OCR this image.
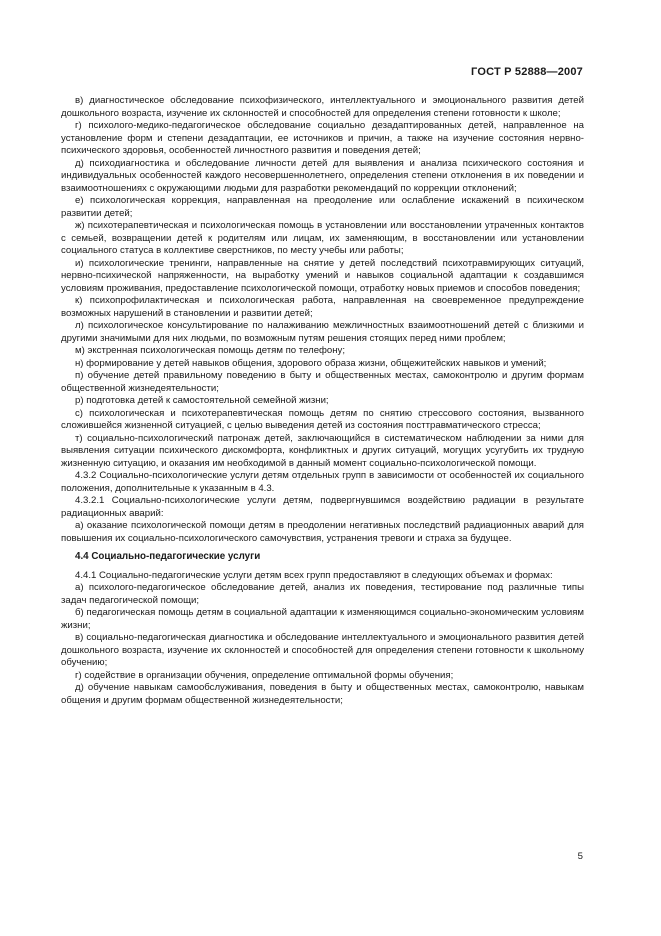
ГОСТ Р 52888—2007

в) диагностическое обследование психофизического, интеллектуального и эмоционального развития детей дошкольного возраста, изучение их склонностей и способностей для определения степени готовности к школе;

г) психолого-медико-педагогическое обследование социально дезадаптированных детей, направленное на установление форм и степени дезадаптации, ее источников и причин, а также на изучение состояния нервно-психического здоровья, особенностей личностного развития и поведения детей;

д) психодиагностика и обследование личности детей для выявления и анализа психического состояния и индивидуальных особенностей каждого несовершеннолетнего, определения степени отклонения в их поведении и взаимоотношениях с окружающими людьми для разработки рекомендаций по коррекции отклонений;

е) психологическая коррекция, направленная на преодоление или ослабление искажений в психическом развитии детей;

ж) психотерапевтическая и психологическая помощь в установлении или восстановлении утраченных контактов с семьей, возвращении детей к родителям или лицам, их заменяющим, в восстановлении или установлении социального статуса в коллективе сверстников, по месту учебы или работы;

и) психологические тренинги, направленные на снятие у детей последствий психотравмирующих ситуаций, нервно-психической напряженности, на выработку умений и навыков социальной адаптации к создавшимся условиям проживания, предоставление психологической помощи, отработку новых приемов и способов поведения;

к) психопрофилактическая и психологическая работа, направленная на своевременное предупреждение возможных нарушений в становлении и развитии детей;

л) психологическое консультирование по налаживанию межличностных взаимоотношений детей с близкими и другими значимыми для них людьми, по возможным путям решения стоящих перед ними проблем;

м) экстренная психологическая помощь детям по телефону;

н) формирование у детей навыков общения, здорового образа жизни, общежитейских навыков и умений;

п) обучение детей правильному поведению в быту и общественных местах, самоконтролю и другим формам общественной жизнедеятельности;

р) подготовка детей к самостоятельной семейной жизни;

с) психологическая и психотерапевтическая помощь детям по снятию стрессового состояния, вызванного сложившейся жизненной ситуацией, с целью выведения детей из состояния посттравматического стресса;

т) социально-психологический патронаж детей, заключающийся в систематическом наблюдении за ними для выявления ситуации психического дискомфорта, конфликтных и других ситуаций, могущих усугубить их трудную жизненную ситуацию, и оказания им необходимой в данный момент социально-психологической помощи.

4.3.2 Социально-психологические услуги детям отдельных групп в зависимости от особенностей их социального положения, дополнительные к указанным в 4.3.

4.3.2.1 Социально-психологические услуги детям, подвергнувшимся воздействию радиации в результате радиационных аварий:

а) оказание психологической помощи детям в преодолении негативных последствий радиационных аварий для повышения их социально-психологического самочувствия, устранения тревоги и страха за будущее.

4.4 Социально-педагогические услуги

4.4.1 Социально-педагогические услуги детям всех групп предоставляют в следующих объемах и формах:

а) психолого-педагогическое обследование детей, анализ их поведения, тестирование под различные типы задач педагогической помощи;

б) педагогическая помощь детям в социальной адаптации к изменяющимся социально-экономическим условиям жизни;

в) социально-педагогическая диагностика и обследование интеллектуального и эмоционального развития детей дошкольного возраста, изучение их склонностей и способностей для определения степени готовности к школьному обучению;

г) содействие в организации обучения, определение оптимальной формы обучения;

д) обучение навыкам самообслуживания, поведения в быту и общественных местах, самоконтролю, навыкам общения и другим формам общественной жизнедеятельности;

5
